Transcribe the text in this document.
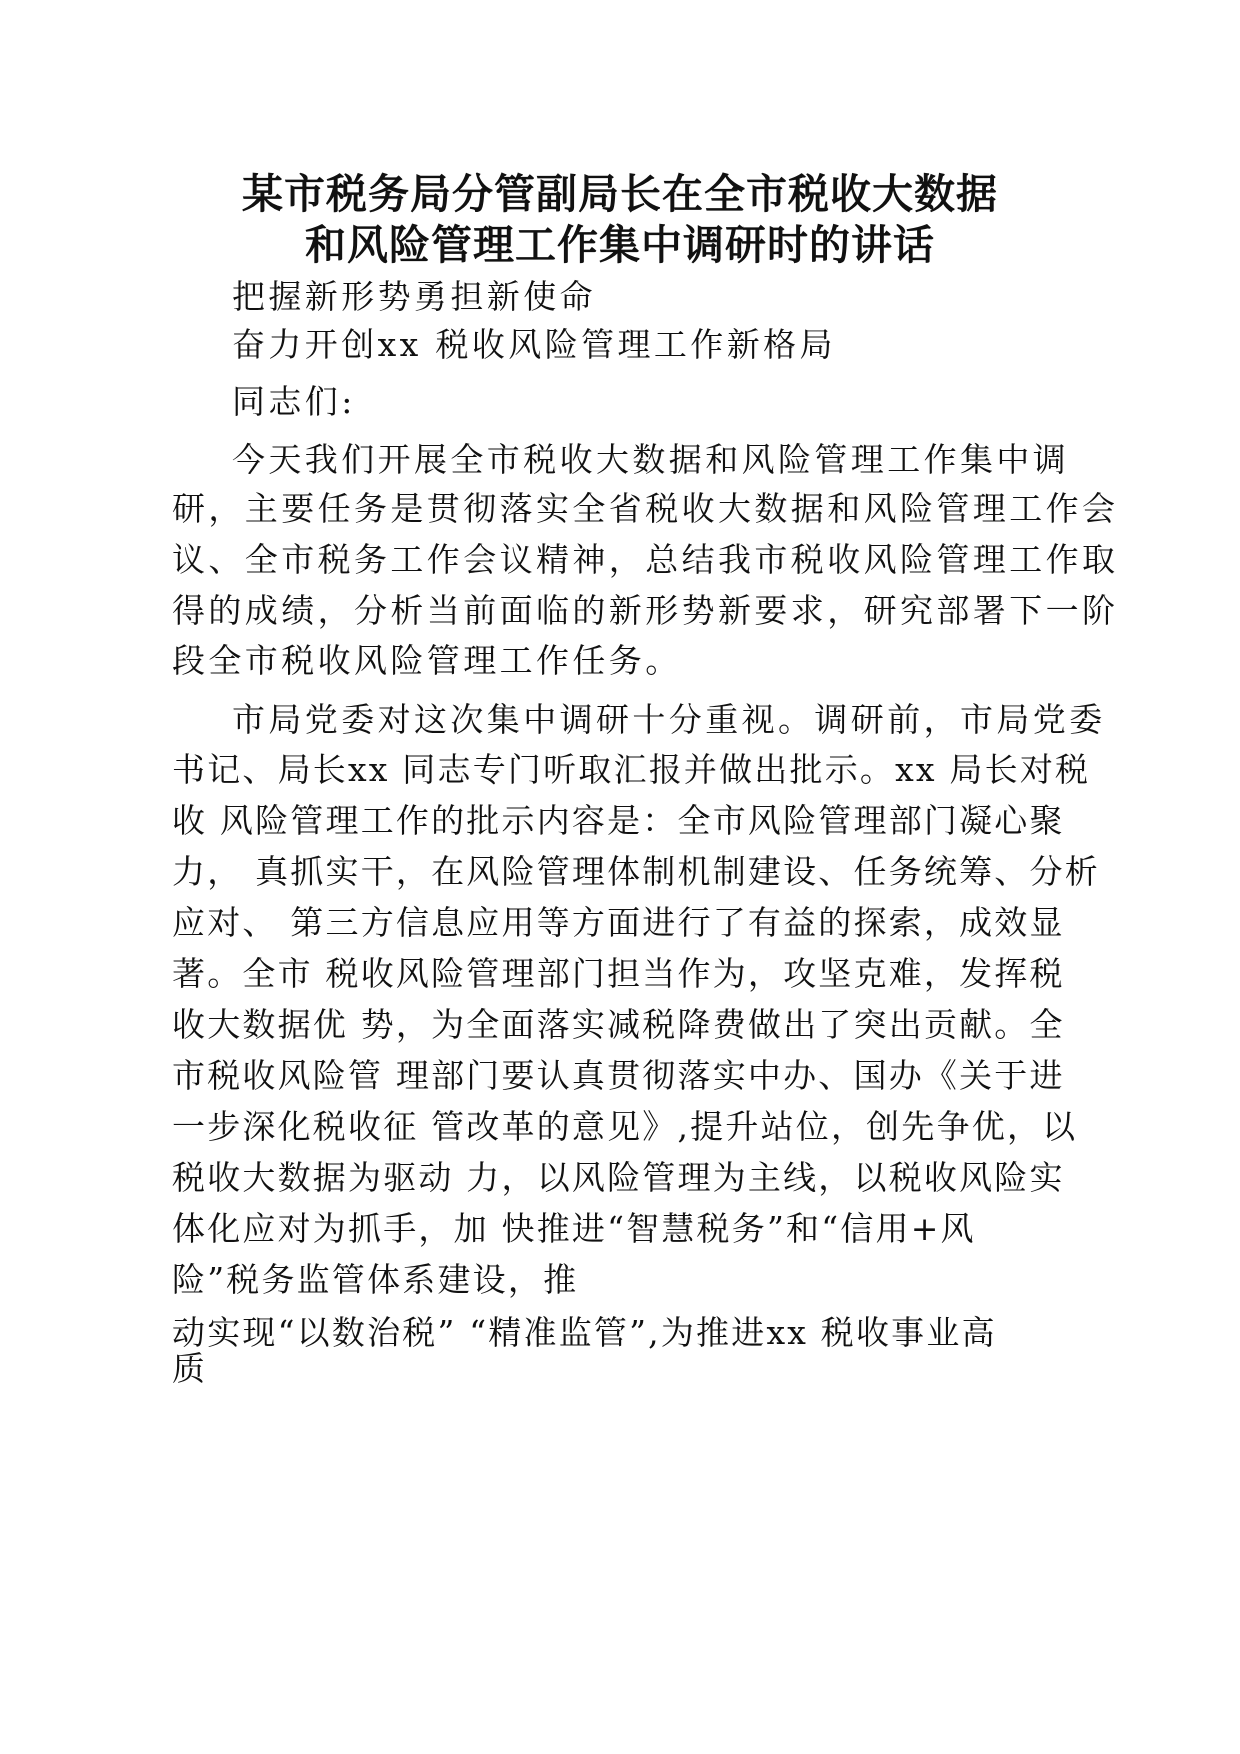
某市税务局分管副局长在全市税收大数据
和风险管理工作集中调研时的讲话
把握新形势勇担新使命
奋力开创xx 税收风险管理工作新格局
同志们:
今天我们开展全市税收大数据和风险管理工作集中调
研，主要任务是贯彻落实全省税收大数据和风险管理工作会
议、全市税务工作会议精神，总结我市税收风险管理工作取
得的成绩，分析当前面临的新形势新要求，研究部署下一阶
段全市税收风险管理工作任务。
市局党委对这次集中调研十分重视。调研前，市局党委
书记、局长xx 同志专门听取汇报并做出批示。xx 局长对税
收 风险管理工作的批示内容是：全市风险管理部门凝心聚
力， 真抓实干，在风险管理体制机制建设、任务统筹、分析
应对、 第三方信息应用等方面进行了有益的探索，成效显
著。全市 税收风险管理部门担当作为，攻坚克难，发挥税
收大数据优 势，为全面落实减税降费做出了突出贡献。全
市税收风险管 理部门要认真贯彻落实中办、国办《关于进
一步深化税收征 管改革的意见》,提升站位，创先争优，以
税收大数据为驱动 力，以风险管理为主线，以税收风险实
体化应对为抓手，加 快推进“智慧税务”和“信用+风
险”税务监管体系建设，推
动实现“以数治税” “精准监管”,为推进xx 税收事业高
质
